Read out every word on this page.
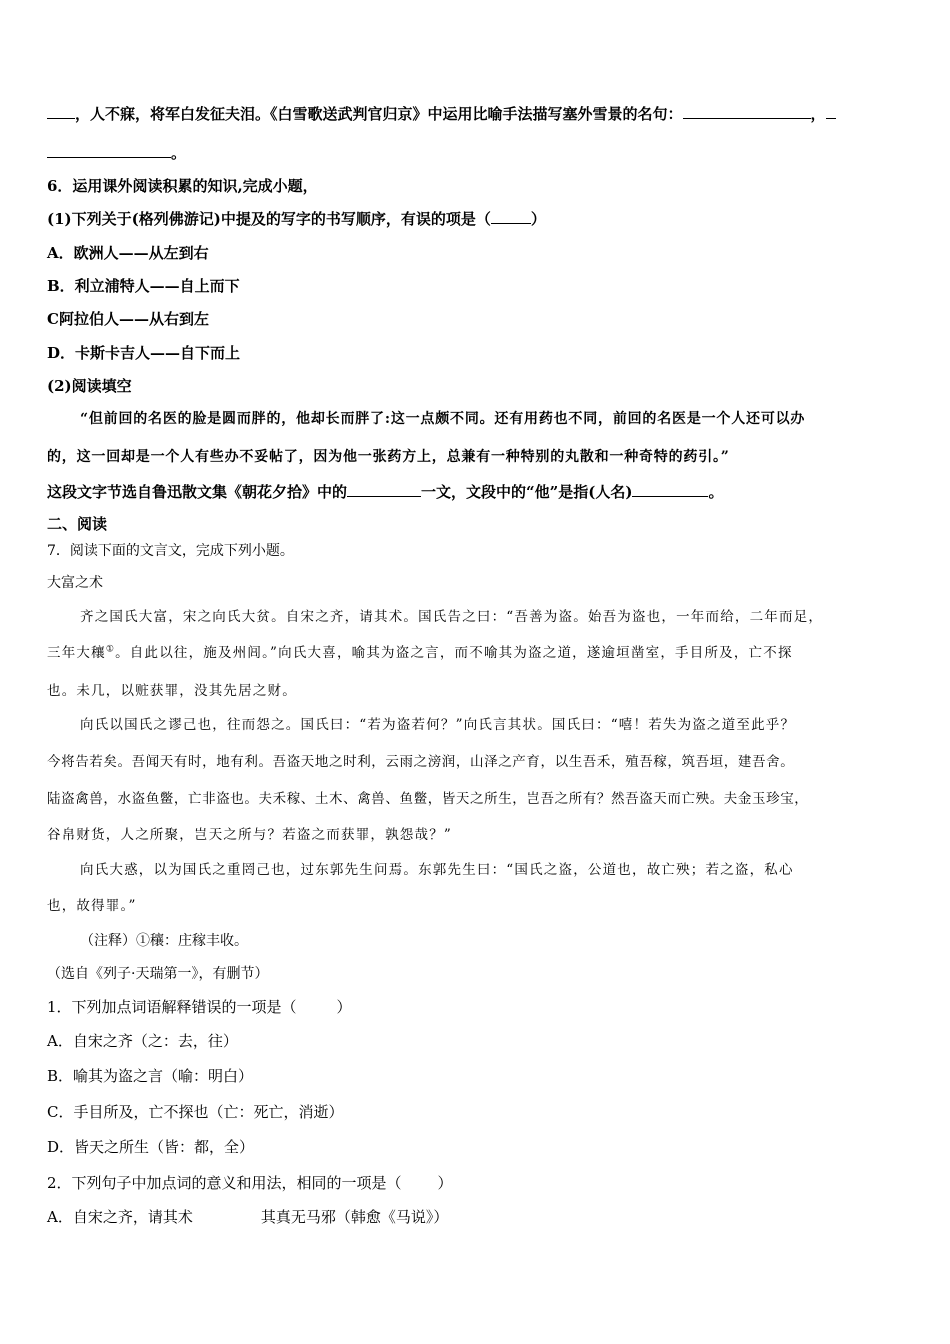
，人不寐，将军白发征夫泪。《白雪歌送武判官归京》中运用比喻手法描写塞外雪景的名句：	，
。
6．运用课外阅读积累的知识,完成小题，
(1)下列关于(格列佛游记)中提及的写字的书写顺序，有误的项是（	）
A．欧洲人——从左到右
B．利立浦特人——自上而下
C阿拉伯人——从右到左
D．卡斯卡吉人——自下而上
(2)阅读填空
“但前回的名医的脸是圆而胖的，他却长而胖了:这一点颇不同。还有用药也不同，前回的名医是一个人还可以办
的，这一回却是一个人有些办不妥帖了，因为他一张药方上，总兼有一种特别的丸散和一种奇特的药引。”
这段文字节选自鲁迅散文集《朝花夕拾》中的	一文，文段中的“他”是指(人名)	。
二、阅读
7．阅读下面的文言文，完成下列小题。
大富之术
齐之国氏大富，宋之向氏大贫。自宋之齐，请其术。国氏告之曰：“吾善为盗。始吾为盗也，一年而给，二年而足，
三年大穰①。自此以往，施及州闾。”向氏大喜，喻其为盗之言，而不喻其为盗之道，遂逾垣凿室，手目所及，亡不探
也。未几，以赃获罪，没其先居之财。
向氏以国氏之谬己也，往而怨之。国氏曰：“若为盗若何？”向氏言其状。国氏曰：“嘻！若失为盗之道至此乎？
今将告若矣。吾闻天有时，地有利。吾盗天地之时利，云雨之滂润，山泽之产育，以生吾禾，殖吾稼，筑吾垣，建吾舍。
陆盗禽兽，水盗鱼鳖，亡非盗也。夫禾稼、土木、禽兽、鱼鳖，皆天之所生，岂吾之所有？然吾盗天而亡殃。夫金玉珍宝，
谷帛财货，人之所聚，岂天之所与？若盗之而获罪，孰怨哉？”
向氏大惑，以为国氏之重罔己也，过东郭先生问焉。东郭先生曰：“国氏之盗，公道也，故亡殃；若之盗，私心
也，故得罪。”
（注释）①穰：庄稼丰收。
（选自《列子·天瑞第一》，有删节）
1．下列加点词语解释错误的一项是（	）
A．自宋之齐（之：去，往）
B．喻其为盗之言（喻：明白）
C．手目所及，亡不探也（亡：死亡，消逝）
D．皆天之所生（皆：都，全）
2．下列句子中加点词的意义和用法，相同的一项是（ ）
A．自宋之齐，请其术	其真无马邪（韩愈《马说》）
